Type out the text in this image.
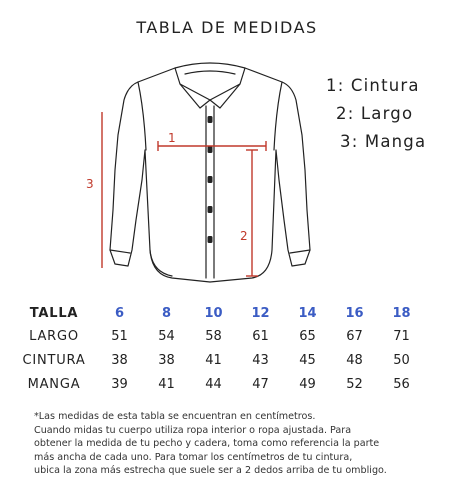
TABLA DE MEDIDAS
1: Cintura
2: Largo
3: Manga
1
2
3
TALLA	6	8	10	12	14	16	18
LARGO	51	54	58	61	65	67	71
CINTURA	38	38	41	43	45	48	50
MANGA	39	41	44	47	49	52	56

*Las medidas de esta tabla se encuentran en centímetros.

Cuando midas tu cuerpo utiliza ropa interior o ropa ajustada. Para

obtener la medida de tu pecho y cadera, toma como referencia la parte

más ancha de cada uno. Para tomar los centímetros de tu cintura,

ubica la zona más estrecha que suele ser a 2 dedos arriba de tu ombligo.
